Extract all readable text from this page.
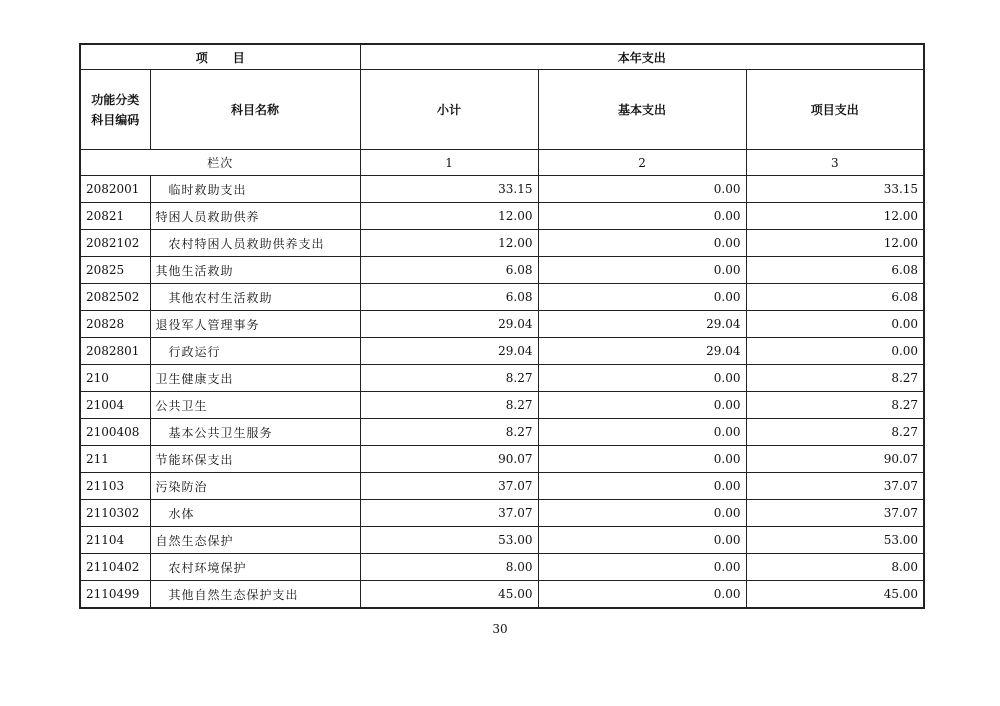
项      目		本年支出		

功能分类
科目编码	科目名称	小计	基本支出	项目支出
栏次		1	2	3
2082001	临时救助支出	33.15	0.00	33.15
20821	特困人员救助供养	12.00	0.00	12.00
2082102	农村特困人员救助供养支出	12.00	0.00	12.00
20825	其他生活救助	6.08	0.00	6.08
2082502	其他农村生活救助	6.08	0.00	6.08
20828	退役军人管理事务	29.04	29.04	0.00
2082801	行政运行	29.04	29.04	0.00
210	卫生健康支出	8.27	0.00	8.27
21004	公共卫生	8.27	0.00	8.27
2100408	基本公共卫生服务	8.27	0.00	8.27
211	节能环保支出	90.07	0.00	90.07
21103	污染防治	37.07	0.00	37.07
2110302	水体	37.07	0.00	37.07
21104	自然生态保护	53.00	0.00	53.00
2110402	农村环境保护	8.00	0.00	8.00
2110499	其他自然生态保护支出	45.00	0.00	45.00
30
